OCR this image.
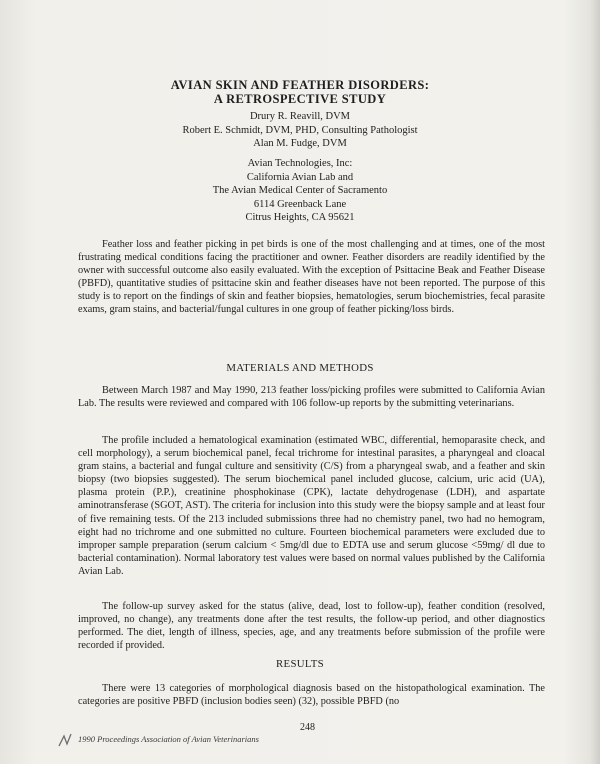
AVIAN SKIN AND FEATHER DISORDERS:
A RETROSPECTIVE STUDY
Drury R. Reavill, DVM
Robert E. Schmidt, DVM, PHD, Consulting Pathologist
Alan M. Fudge, DVM
Avian Technologies, Inc:
California Avian Lab and
The Avian Medical Center of Sacramento
6114 Greenback Lane
Citrus Heights, CA 95621

Feather loss and feather picking in pet birds is one of the most challenging and at times, one of the most frustrating medical conditions facing the practitioner and owner. Feather disorders are readily identified by the owner with successful outcome also easily evaluated. With the exception of Psittacine Beak and Feather Disease (PBFD), quantitative studies of psittacine skin and feather diseases have not been reported. The purpose of this study is to report on the findings of skin and feather biopsies, hematologies, serum biochemistries, fecal parasite exams, gram stains, and bacterial/fungal cultures in one group of feather picking/loss birds.

MATERIALS AND METHODS

Between March 1987 and May 1990, 213 feather loss/picking profiles were submitted to California Avian Lab. The results were reviewed and compared with 106 follow-up reports by the submitting veterinarians.

The profile included a hematological examination (estimated WBC, differential, hemoparasite check, and cell morphology), a serum biochemical panel, fecal trichrome for intestinal parasites, a pharyngeal and cloacal gram stains, a bacterial and fungal culture and sensitivity (C/S) from a pharyngeal swab, and a feather and skin biopsy (two biopsies suggested). The serum biochemical panel included glucose, calcium, uric acid (UA), plasma protein (P.P.), creatinine phosphokinase (CPK), lactate dehydrogenase (LDH), and aspartate aminotransferase (SGOT, AST). The criteria for inclusion into this study were the biopsy sample and at least four of five remaining tests. Of the 213 included submissions three had no chemistry panel, two had no hemogram, eight had no trichrome and one submitted no culture. Fourteen biochemical parameters were excluded due to improper sample preparation (serum calcium < 5mg/dl due to EDTA use and serum glucose <59mg/ dl due to bacterial contamination). Normal laboratory test values were based on normal values published by the California Avian Lab.

The follow-up survey asked for the status (alive, dead, lost to follow-up), feather condition (resolved, improved, no change), any treatments done after the test results, the follow-up period, and other diagnostics performed. The diet, length of illness, species, age, and any treatments before submission of the profile were recorded if provided.

RESULTS

There were 13 categories of morphological diagnosis based on the histopathological examination. The categories are positive PBFD (inclusion bodies seen) (32), possible PBFD (no

248
1990 Proceedings Association of Avian Veterinarians
